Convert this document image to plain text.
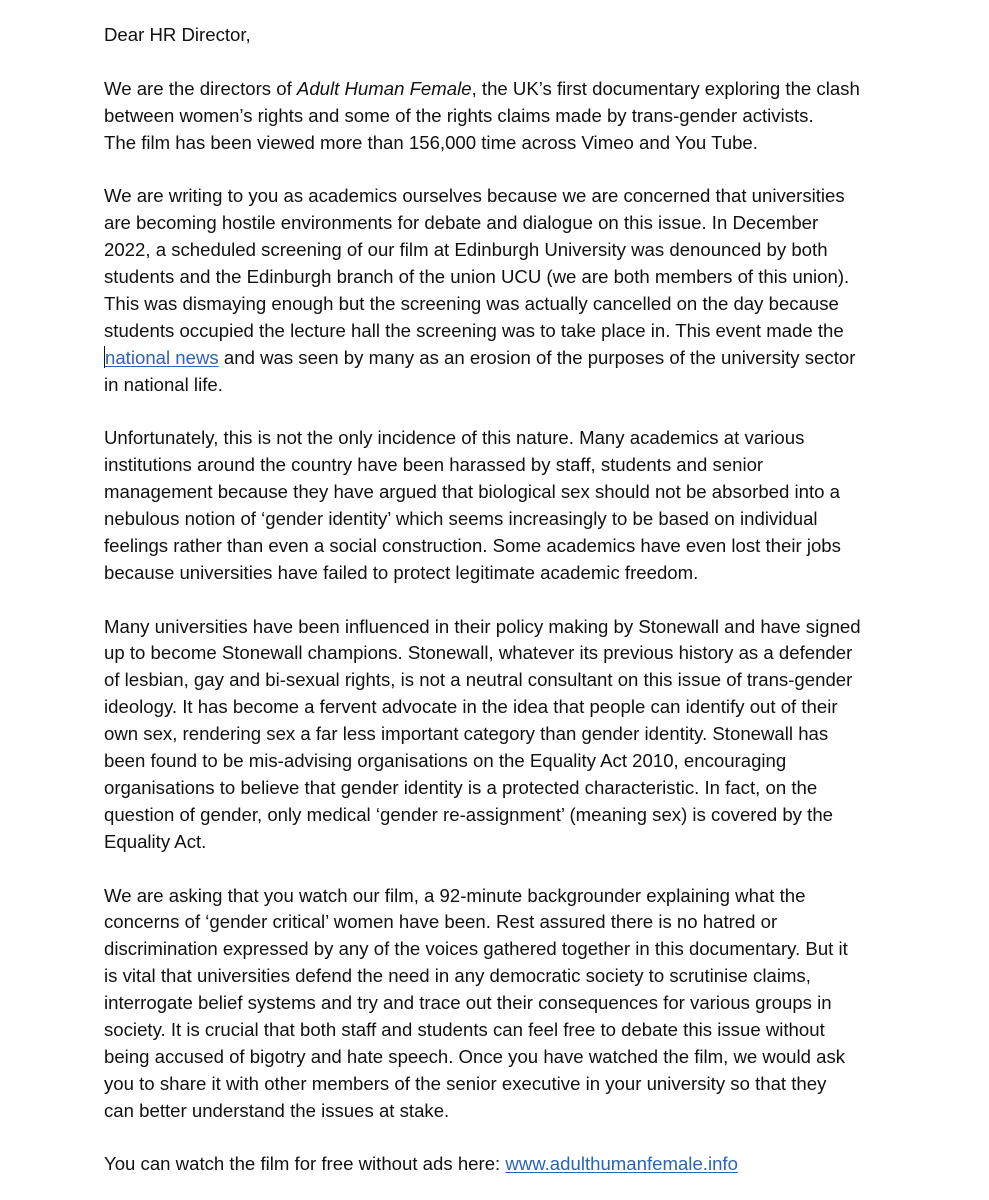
Dear HR Director,
We are the directors of Adult Human Female, the UK’s first documentary exploring the clash
between women’s rights and some of the rights claims made by trans-gender activists.
The film has been viewed more than 156,000 time across Vimeo and You Tube.
We are writing to you as academics ourselves because we are concerned that universities
are becoming hostile environments for debate and dialogue on this issue. In December
2022, a scheduled screening of our film at Edinburgh University was denounced by both
students and the Edinburgh branch of the union UCU (we are both members of this union).
This was dismaying enough but the screening was actually cancelled on the day because
students occupied the lecture hall the screening was to take place in. This event made the
national news and was seen by many as an erosion of the purposes of the university sector
in national life.
Unfortunately, this is not the only incidence of this nature. Many academics at various
institutions around the country have been harassed by staff, students and senior
management because they have argued that biological sex should not be absorbed into a
nebulous notion of ‘gender identity’ which seems increasingly to be based on individual
feelings rather than even a social construction. Some academics have even lost their jobs
because universities have failed to protect legitimate academic freedom.
Many universities have been influenced in their policy making by Stonewall and have signed
up to become Stonewall champions. Stonewall, whatever its previous history as a defender
of lesbian, gay and bi-sexual rights, is not a neutral consultant on this issue of trans-gender
ideology. It has become a fervent advocate in the idea that people can identify out of their
own sex, rendering sex a far less important category than gender identity. Stonewall has
been found to be mis-advising organisations on the Equality Act 2010, encouraging
organisations to believe that gender identity is a protected characteristic. In fact, on the
question of gender, only medical ‘gender re-assignment’ (meaning sex) is covered by the
Equality Act.
We are asking that you watch our film, a 92-minute backgrounder explaining what the
concerns of ‘gender critical’ women have been. Rest assured there is no hatred or
discrimination expressed by any of the voices gathered together in this documentary. But it
is vital that universities defend the need in any democratic society to scrutinise claims,
interrogate belief systems and try and trace out their consequences for various groups in
society. It is crucial that both staff and students can feel free to debate this issue without
being accused of bigotry and hate speech. Once you have watched the film, we would ask
you to share it with other members of the senior executive in your university so that they
can better understand the issues at stake.
You can watch the film for free without ads here: www.adulthumanfemale.info
